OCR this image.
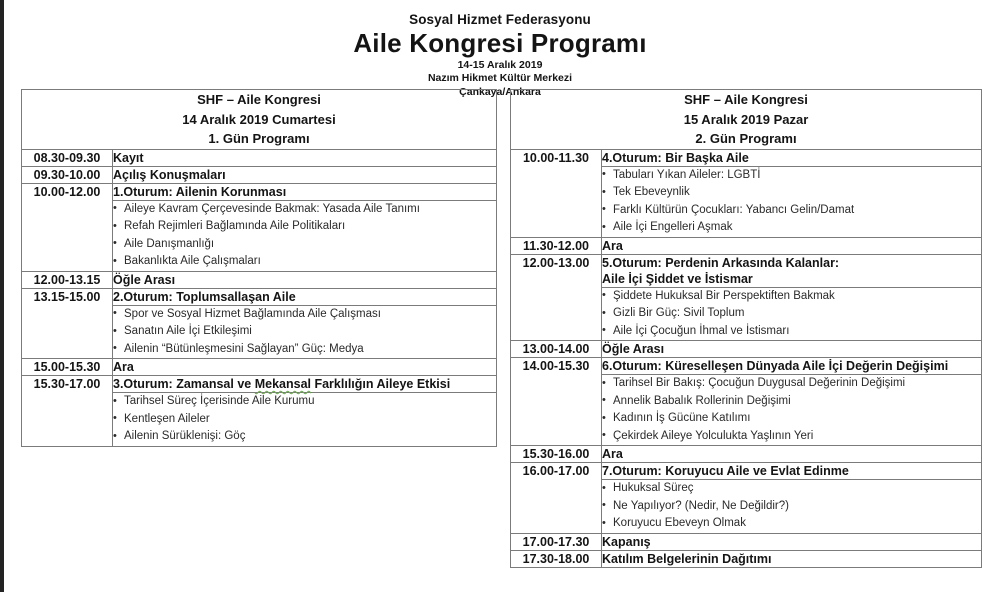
Sosyal Hizmet Federasyonu
Aile Kongresi Programı
14-15 Aralık 2019
Nazım Hikmet Kültür Merkezi
Çankaya/Ankara
SHF – Aile Kongresi
14 Aralık 2019 Cumartesi
1. Gün Programı	

08.30-09.30	Kayıt
09.30-10.00	Açılış Konuşmaları
10.00-12.00	1.Oturum: Ailenin Korunması

• Aileye Kavram Çerçevesinde Bakmak: Yasada Aile Tanımı
• Refah Rejimleri Bağlamında Aile Politikaları
• Aile Danışmanlığı
• Bakanlıkta Aile Çalışmaları

12.00-13.15	Öğle Arası
13.15-15.00	2.Oturum: Toplumsallaşan Aile

• Spor ve Sosyal Hizmet Bağlamında Aile Çalışması
• Sanatın Aile İçi Etkileşimi
• Ailenin “Bütünleşmesini Sağlayan” Güç: Medya

15.00-15.30	Ara
15.30-17.00	3.Oturum: Zamansal ve Mekansal Farklılığın Aileye Etkisi

• Tarihsel Süreç İçerisinde Aile Kurumu
• Kentleşen Aileler
• Ailenin Sürüklenişi: Göç
SHF – Aile Kongresi
15 Aralık 2019 Pazar
2. Gün Programı	

10.00-11.30	4.Oturum: Bir Başka Aile

• Tabuları Yıkan Aileler: LGBTİ
• Tek Ebeveynlik
• Farklı Kültürün Çocukları: Yabancı Gelin/Damat
• Aile İçi Engelleri Aşmak

11.30-12.00	Ara
12.00-13.00	5.Oturum: Perdenin Arkasında Kalanlar:
Aile İçi Şiddet ve İstismar

• Şiddete Hukuksal Bir Perspektiften Bakmak
• Gizli Bir Güç: Sivil Toplum
• Aile İçi Çocuğun İhmal ve İstismarı

13.00-14.00	Öğle Arası
14.00-15.30	6.Oturum: Küreselleşen Dünyada Aile İçi Değerin Değişimi

• Tarihsel Bir Bakış: Çocuğun Duygusal Değerinin Değişimi
• Annelik Babalık Rollerinin Değişimi
• Kadının İş Gücüne Katılımı
• Çekirdek Aileye Yolculukta Yaşlının Yeri

15.30-16.00	Ara
16.00-17.00	7.Oturum: Koruyucu Aile ve Evlat Edinme

• Hukuksal Süreç
• Ne Yapılıyor? (Nedir, Ne Değildir?)
• Koruyucu Ebeveyn Olmak

17.00-17.30	Kapanış
17.30-18.00	Katılım Belgelerinin Dağıtımı
